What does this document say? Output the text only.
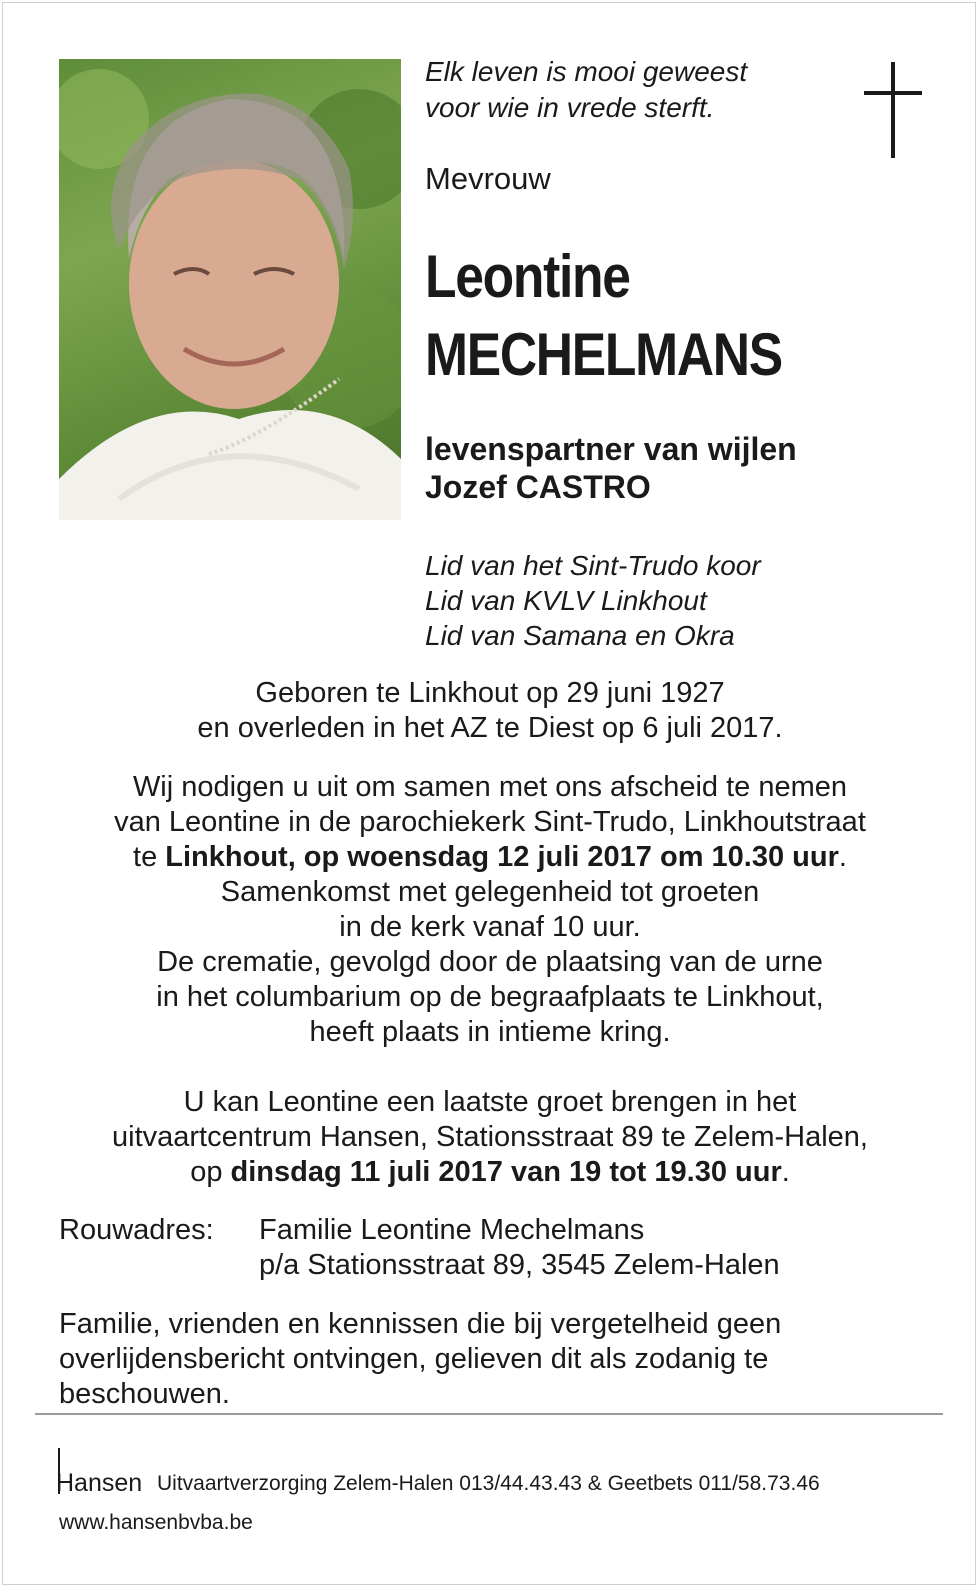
Elk leven is mooi geweest
voor wie in vrede sterft.
Mevrouw
Leontine
MECHELMANS
levenspartner van wijlen
Jozef CASTRO
Lid van het Sint-Trudo koor
Lid van KVLV Linkhout
Lid van Samana en Okra
Geboren te Linkhout op 29 juni 1927
en overleden in het AZ te Diest op 6 juli 2017.
Wij nodigen u uit om samen met ons afscheid te nemen
van Leontine in de parochiekerk Sint-Trudo, Linkhoutstraat
te Linkhout, op woensdag 12 juli 2017 om 10.30 uur.
Samenkomst met gelegenheid tot groeten
in de kerk vanaf 10 uur.
De crematie, gevolgd door de plaatsing van de urne
in het columbarium op de begraafplaats te Linkhout,
heeft plaats in intieme kring.
U kan Leontine een laatste groet brengen in het
uitvaartcentrum Hansen, Stationsstraat 89 te Zelem-Halen,
op dinsdag 11 juli 2017 van 19 tot 19.30 uur.
Rouwadres: Familie Leontine Mechelmans
p/a Stationsstraat 89, 3545 Zelem-Halen
Familie, vrienden en kennissen die bij vergetelheid geen
overlijdensbericht ontvingen, gelieven dit als zodanig te
beschouwen.
Hansen Uitvaartverzorging Zelem-Halen 013/44.43.43 & Geetbets 011/58.73.46
www.hansenbvba.be
